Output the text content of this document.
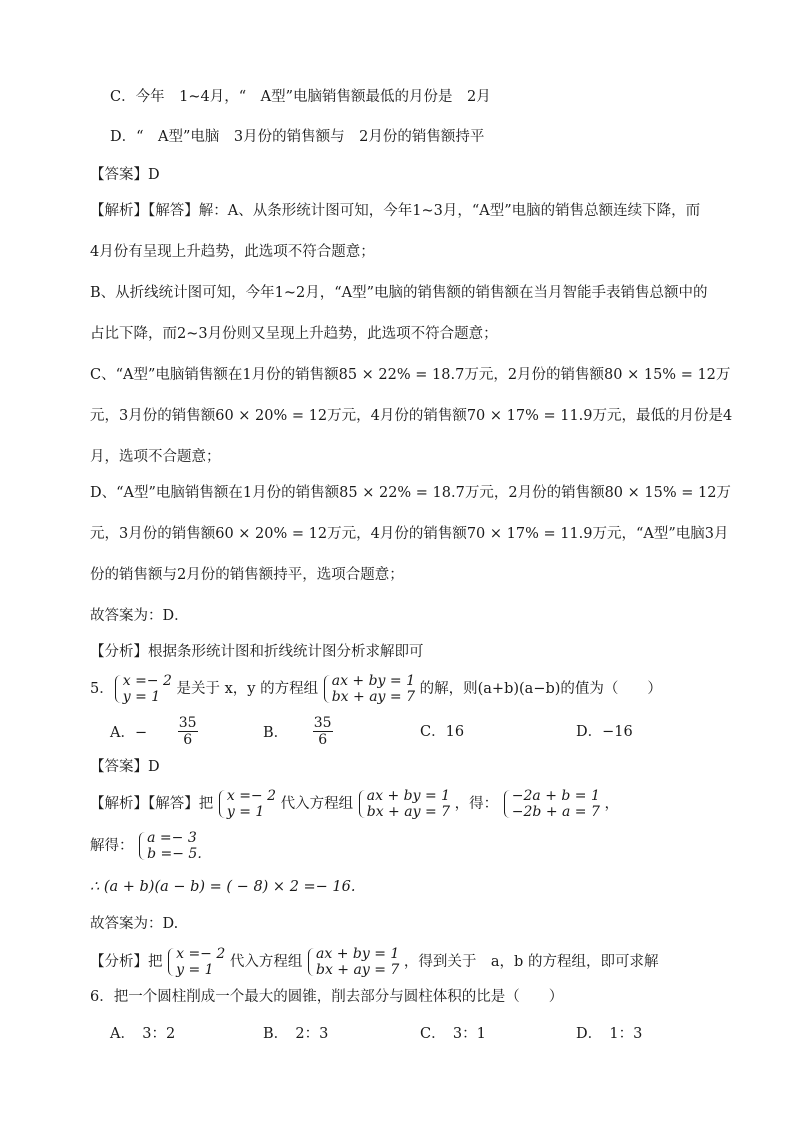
C．今年　1~4月，“　A型”电脑销售额最低的月份是　2月
D．“　A型”电脑　3月份的销售额与　2月份的销售额持平
【答案】D
【解析】【解答】解：A、从条形统计图可知，今年1~3月，“A型”电脑的销售总额连续下降，而
4月份有呈现上升趋势，此选项不符合题意；
B、从折线统计图可知，今年1~2月，“A型”电脑的销售额的销售额在当月智能手表销售总额中的
占比下降，而2~3月份则又呈现上升趋势，此选项不符合题意；
C、“A型”电脑销售额在1月份的销售额85 × 22% = 18.7万元，2月份的销售额80 × 15% = 12万
元，3月份的销售额60 × 20% = 12万元，4月份的销售额70 × 17% = 11.9万元，最低的月份是4
月，选项不合题意；
D、“A型”电脑销售额在1月份的销售额85 × 22% = 18.7万元，2月份的销售额80 × 15% = 12万
元，3月份的销售额60 × 20% = 12万元，4月份的销售额70 × 17% = 11.9万元，“A型”电脑3月
份的销售额与2月份的销售额持平，选项合题意；
故答案为：D．
【分析】根据条形统计图和折线统计图分析求解即可
5． x =− 2
y = 1	是关于 x，y 的方程组 ax + by = 1
bx + ay = 7 的解，则(a+b)(a−b)的值为（　　）
A．− $\frac{35}{6}$	B． $\frac{35}{6}$	C．16	D．−16
【答案】D
【解析】【解答】把 x =− 2
y = 1	代入方程组 ax + by = 1
bx + ay = 7 ，得： −2a + b = 1
−2b + a = 7 ，
解得： a =− 3
b =− 5.
∴ (a + b)(a − b) = ( − 8) × 2 =− 16.
故答案为：D.
【分析】把 x =− 2
y = 1	代入方程组 ax + by = 1
bx + ay = 7 ，得到关于　a，b 的方程组，即可求解
6．把一个圆柱削成一个最大的圆锥，削去部分与圆柱体积的比是（　　）
A．　3：2	B．　2：3	C．　3：1	D．　1：3
